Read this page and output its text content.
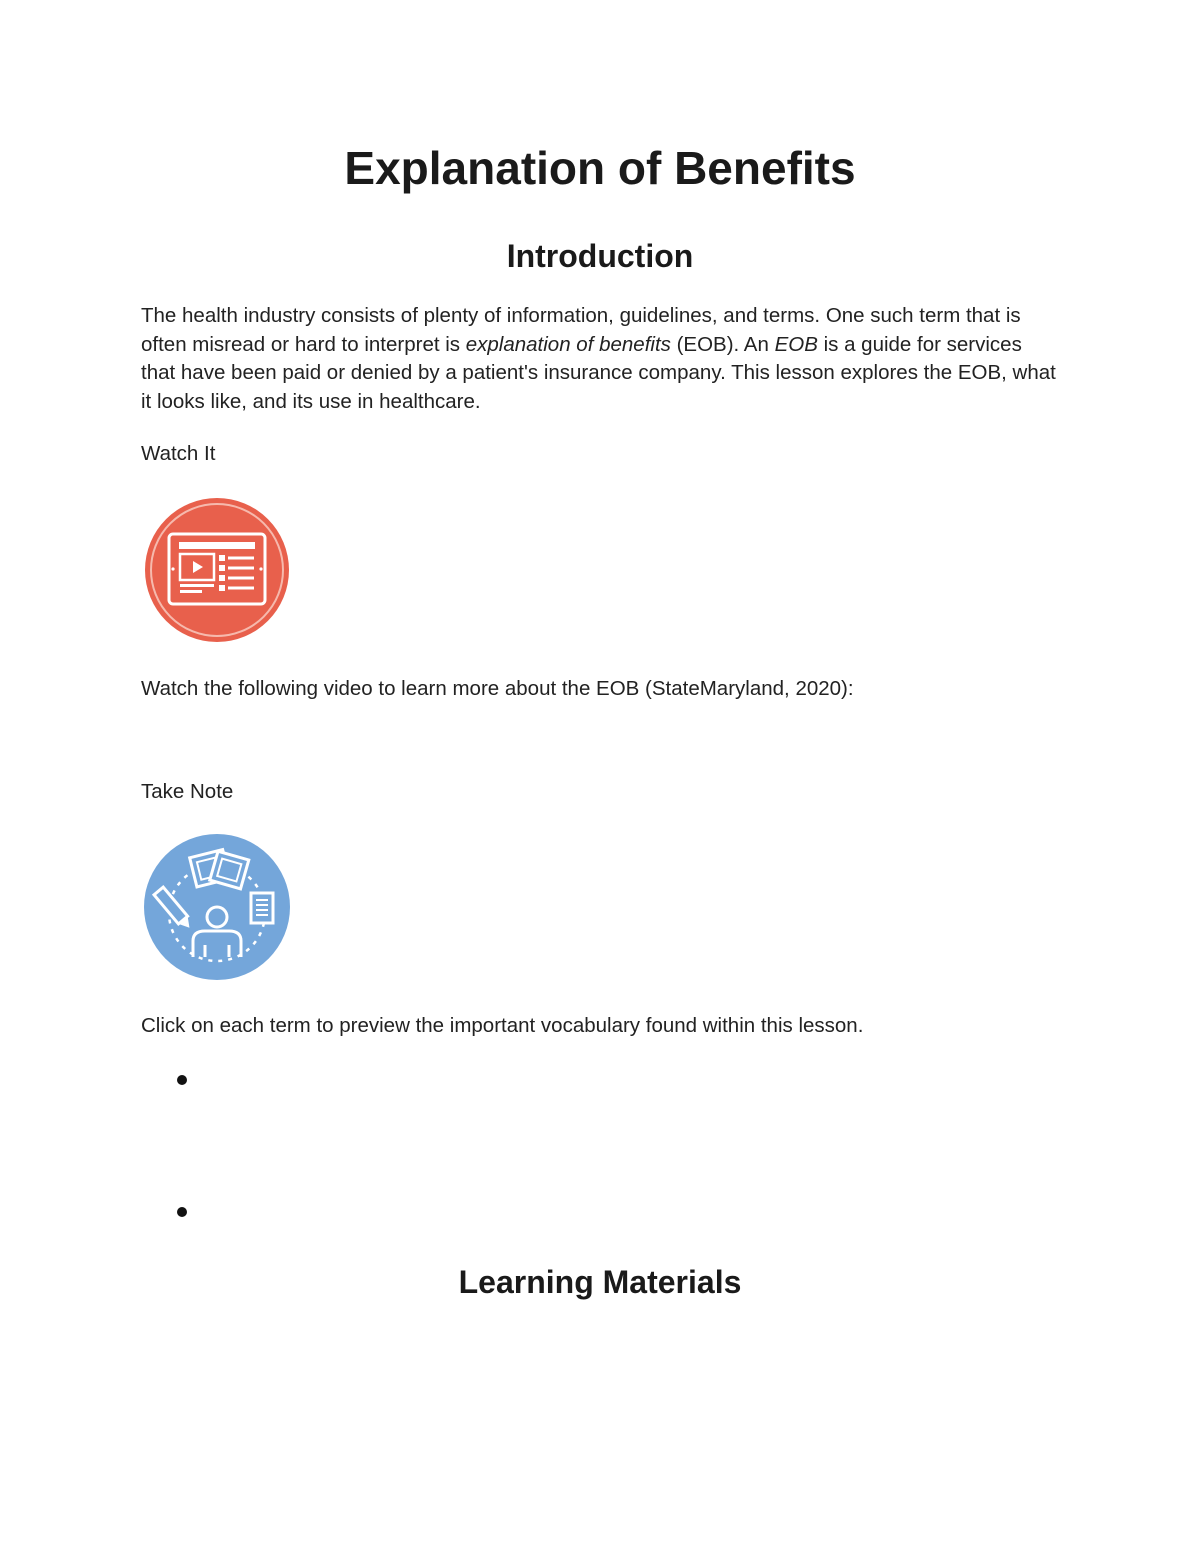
Explanation of Benefits
Introduction

The health industry consists of plenty of information, guidelines, and terms. One such term that is often misread or hard to interpret is explanation of benefits (EOB). An EOB is a guide for services that have been paid or denied by a patient's insurance company. This lesson explores the EOB, what it looks like, and its use in healthcare.

Watch It

Watch the following video to learn more about the EOB (StateMaryland, 2020):

Take Note

Click on each term to preview the important vocabulary found within this lesson.

Learning Materials
